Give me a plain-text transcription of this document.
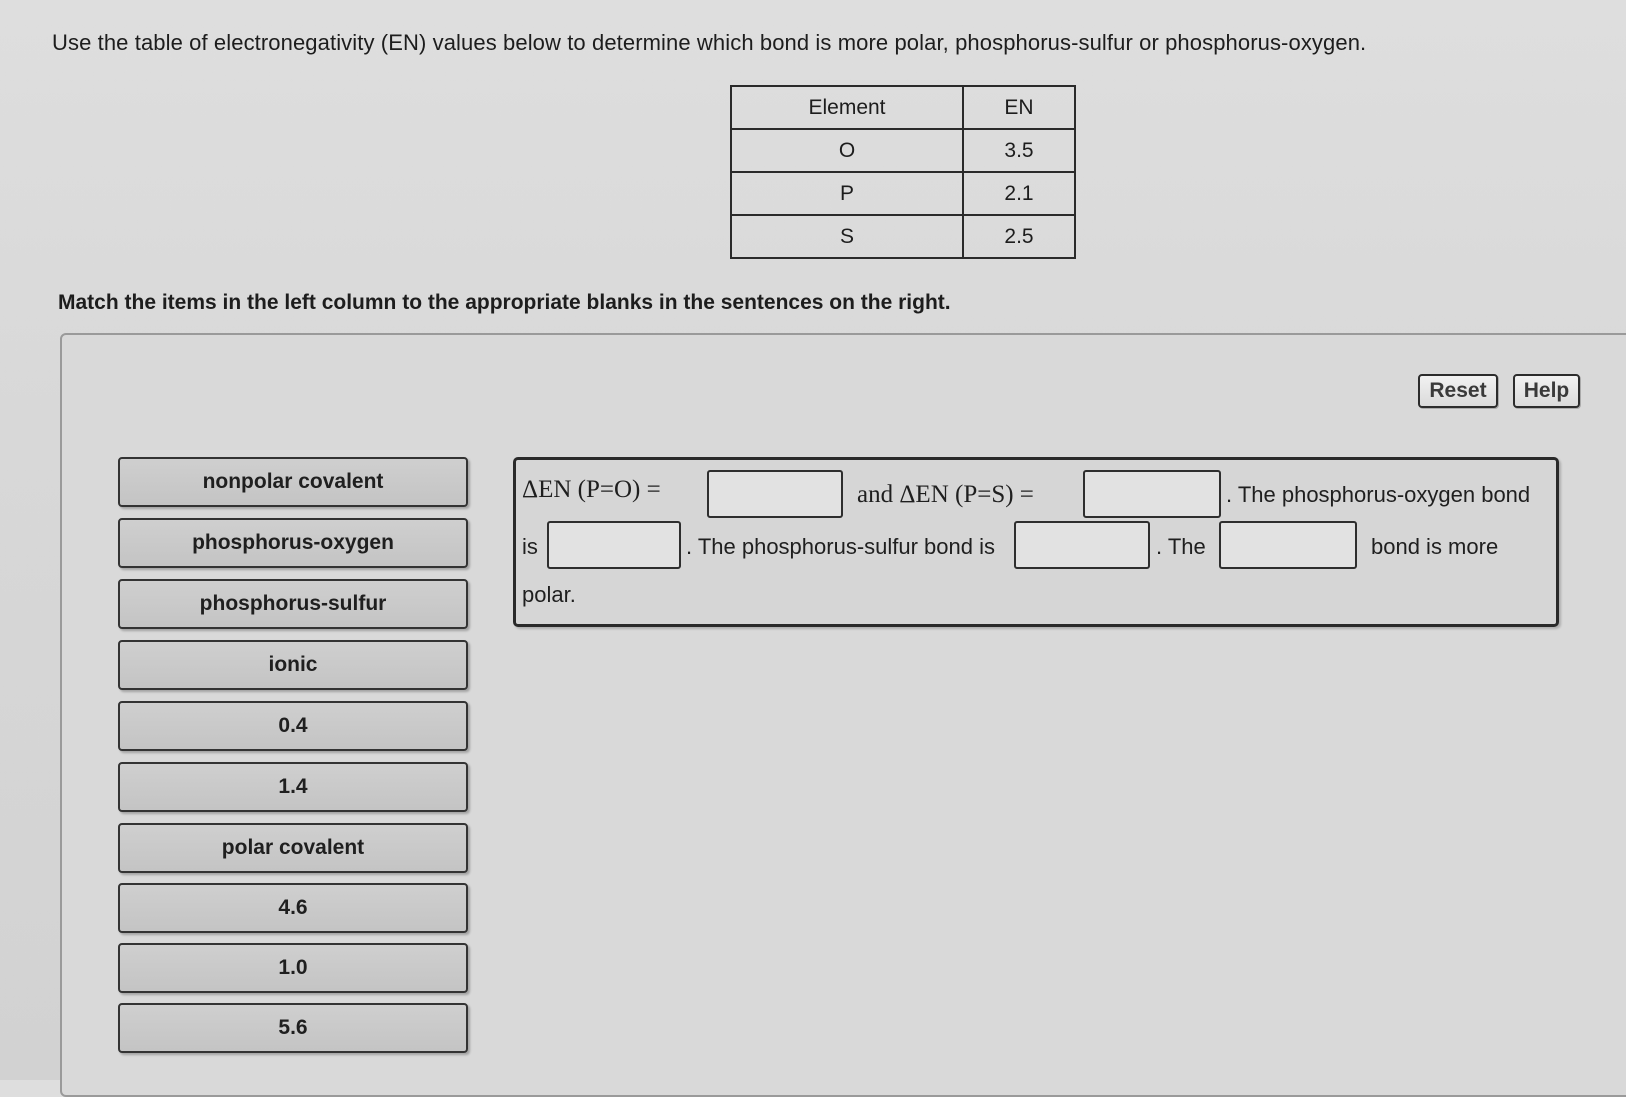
Use the table of electronegativity (EN) values below to determine which bond is more polar, phosphorus-sulfur or phosphorus-oxygen.
Element	EN
O	3.5
P	2.1
S	2.5
Match the items in the left column to the appropriate blanks in the sentences on the right.
Reset	Help
nonpolar covalent
phosphorus-oxygen
phosphorus-sulfur
ionic
0.4
1.4
polar covalent
4.6
1.0
5.6
ΔEN (P=O) =	and ΔEN (P=S) =	. The phosphorus-oxygen bond
is	. The phosphorus-sulfur bond is	. The	bond is more
polar.
